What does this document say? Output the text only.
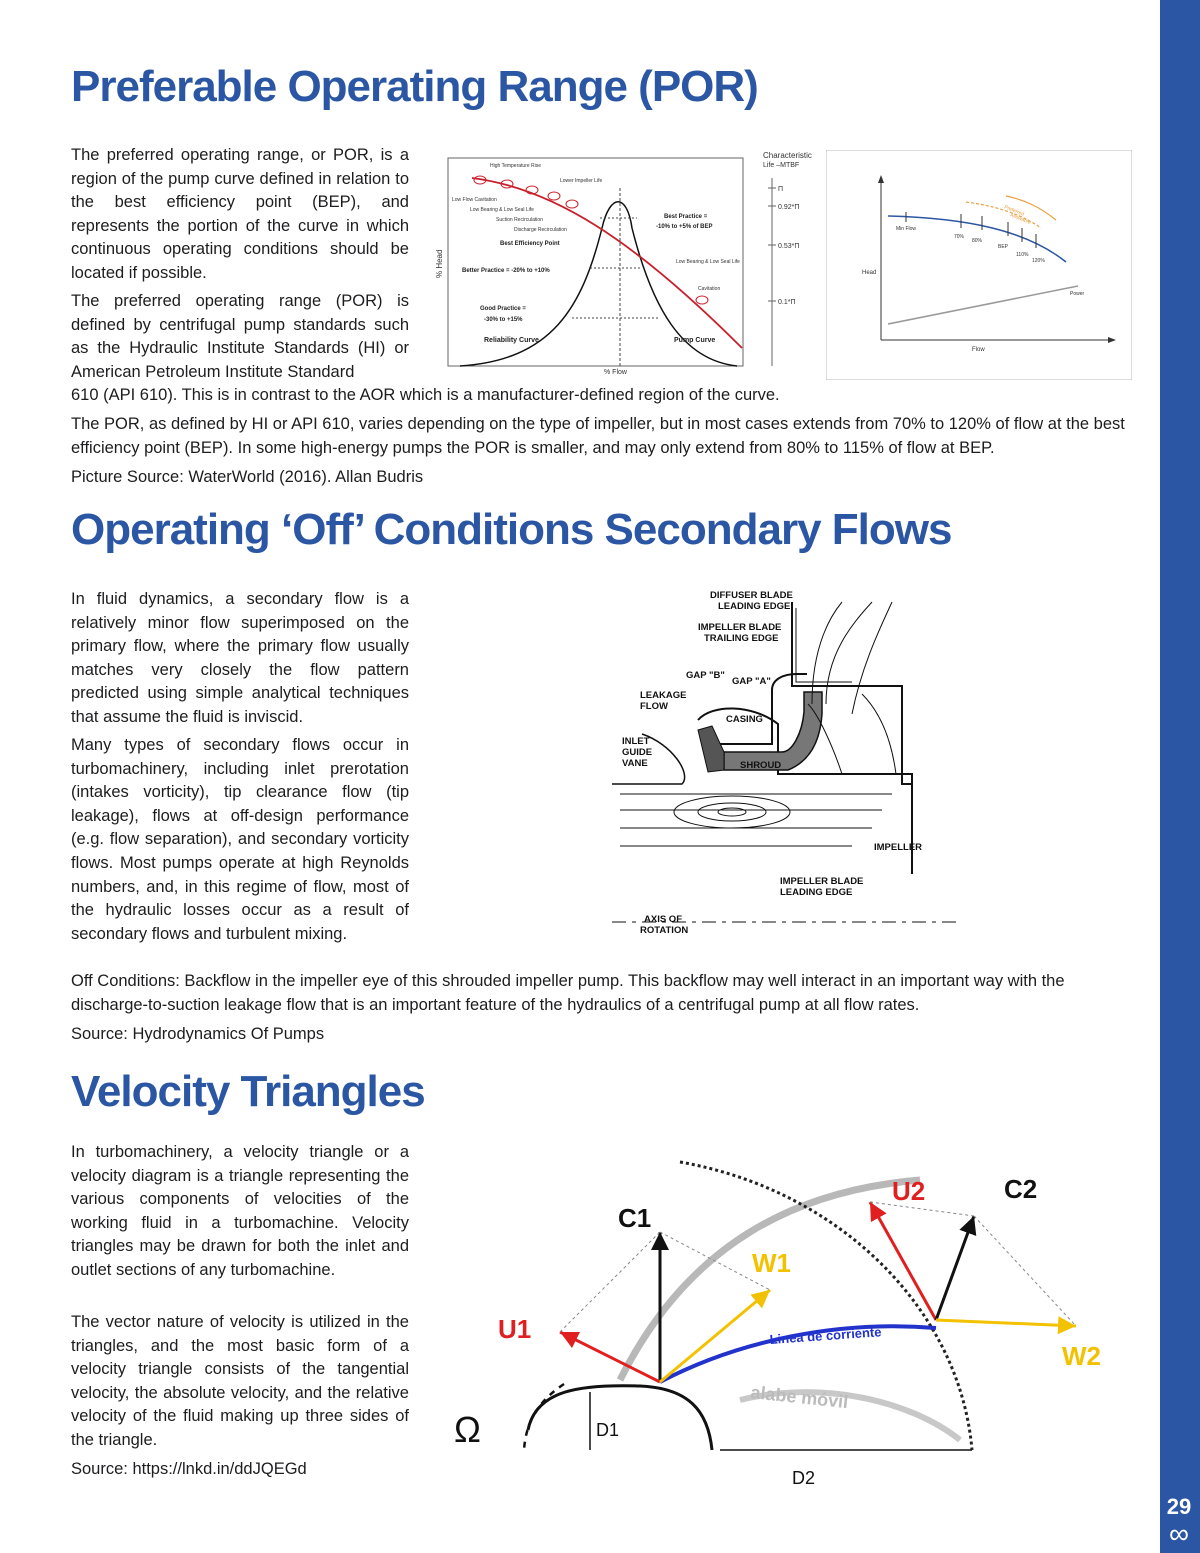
29
∞
Preferable Operating Range (POR)

The preferred operating range, or POR, is a region of the pump curve defined in relation to the best efficiency point (BEP), and represents the portion of the curve in which continuous operating conditions should be located if possible.

The preferred operating range (POR) is defined by centrifugal pump standards such as the Hydraulic Institute Standards (HI) or American Petroleum Institute Standard

610 (API 610). This is in contrast to the AOR which is a manufacturer-defined region of the curve.

The POR, as defined by HI or API 610, varies depending on the type of impeller, but in most cases extends from 70% to 120% of flow at the best efficiency point (BEP). In some high-energy pumps the POR is smaller, and may only extend from 80% to 115% of flow at BEP.

Picture Source: WaterWorld (2016). Allan Budris

Characteristic
Life –MTBF
Π
0.92*Π
0.53*Π
0.1*Π
% Head
% Flow
High Temperature Rise
Lower Impeller Life
Low Flow Cavitation
Low Bearing & Low Seal Life
Suction Recirculation
Discharge Recirculation
Best Efficiency Point
Best Practice =
-10% to +5% of BEP
Better Practice = -20% to +10%
Low Bearing & Low Seal Life
Cavitation
Good Practice =
-30% to +15%
Reliability Curve	Pump Curve
Head
Flow
Min Flow
70%
80%
BEP
110%
120%
Preferred
Allowable
Power
Operating ‘Off’ Conditions Secondary Flows

In fluid dynamics, a secondary flow is a relatively minor flow superimposed on the primary flow, where the primary flow usually matches very closely the flow pattern predicted using simple analytical techniques that assume the fluid is inviscid.

Many types of secondary flows occur in turbomachinery, including inlet prerotation (intakes vorticity), tip clearance flow (tip leakage), flows at off-design performance (e.g. flow separation), and secondary vorticity flows. Most pumps operate at high Reynolds numbers, and, in this regime of flow, most of the hydraulic losses occur as a result of secondary flows and turbulent mixing.

Off Conditions: Backflow in the impeller eye of this shrouded impeller pump. This backflow may well interact in an important way with the discharge-to-suction leakage flow that is an important feature of the hydraulics of a centrifugal pump at all flow rates.

Source: Hydrodynamics Of Pumps

DIFFUSER BLADE
LEADING EDGE
IMPELLER BLADE
TRAILING EDGE
GAP "B"
GAP "A"
LEAKAGE
FLOW
CASING
INLET
GUIDE
VANE	SHROUD
IMPELLER
IMPELLER BLADE
LEADING EDGE
AXIS OF
ROTATION
Velocity Triangles

In turbomachinery, a velocity triangle or a velocity diagram is a triangle representing the various components of velocities of the working fluid in a turbomachine. Velocity triangles may be drawn for both the inlet and outlet sections of any turbomachine.

The vector nature of velocity is utilized in the triangles, and the most basic form of a velocity triangle consists of the tangential velocity, the absolute velocity, and the relative velocity of the fluid making up three sides of the triangle.

Source: https://lnkd.in/ddJQEGd

C1
U1
W1
U2	C2
W2
Linea de corriente
alabe móvil
Ω	D1
D2
